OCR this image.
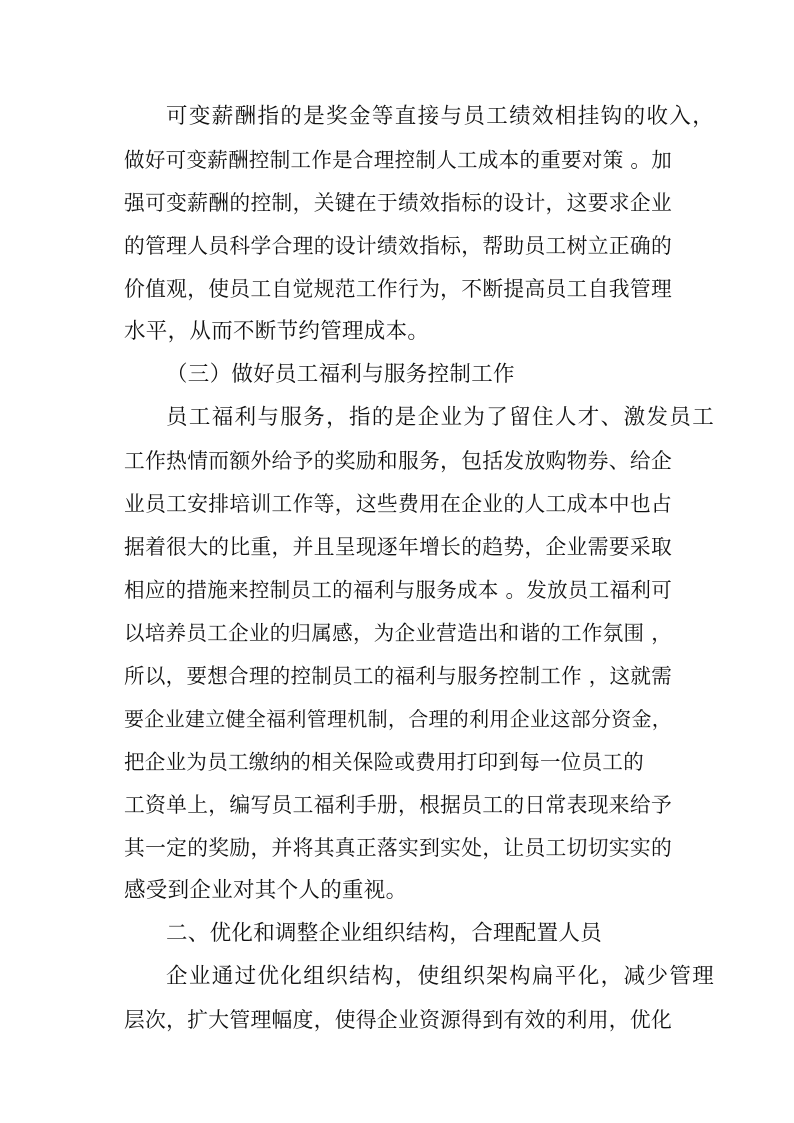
可变薪酬指的是奖金等直接与员工绩效相挂钩的收入，
做好可变薪酬控制工作是合理控制人工成本的重要对策 。加
强可变薪酬的控制，关键在于绩效指标的设计，这要求企业
的管理人员科学合理的设计绩效指标，帮助员工树立正确的
价值观，使员工自觉规范工作行为，不断提高员工自我管理
水平，从而不断节约管理成本。
（三）做好员工福利与服务控制工作
员工福利与服务，指的是企业为了留住人才、激发员工
工作热情而额外给予的奖励和服务，包括发放购物券、给企
业员工安排培训工作等，这些费用在企业的人工成本中也占
据着很大的比重，并且呈现逐年增长的趋势，企业需要采取
相应的措施来控制员工的福利与服务成本 。发放员工福利可
以培养员工企业的归属感，为企业营造出和谐的工作氛围 ，
所以，要想合理的控制员工的福利与服务控制工作 ，这就需
要企业建立健全福利管理机制，合理的利用企业这部分资金，
把企业为员工缴纳的相关保险或费用打印到每一位员工的
工资单上，编写员工福利手册，根据员工的日常表现来给予
其一定的奖励，并将其真正落实到实处，让员工切切实实的
感受到企业对其个人的重视。
二、优化和调整企业组织结构，合理配置人员
企业通过优化组织结构，使组织架构扁平化，减少管理
层次，扩大管理幅度，使得企业资源得到有效的利用，优化
